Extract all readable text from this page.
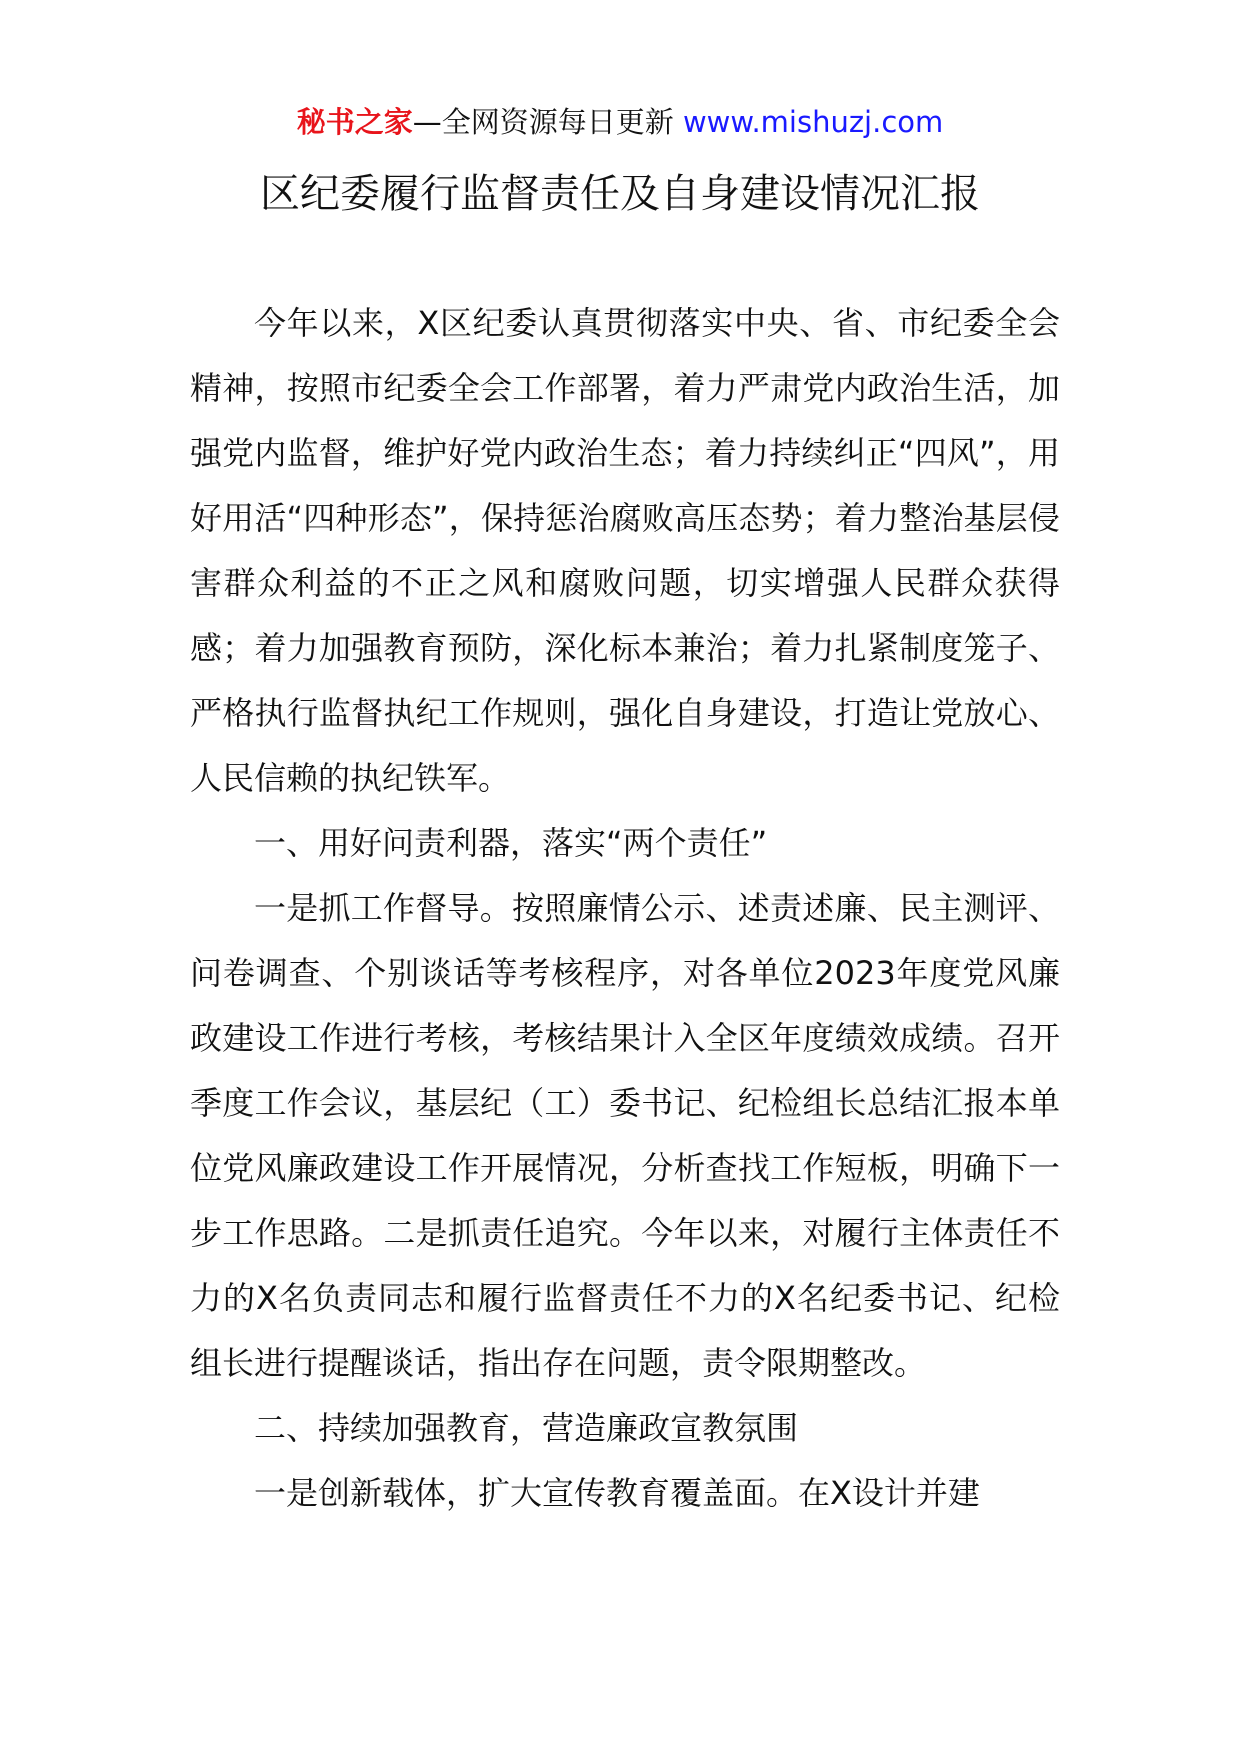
秘书之家—全网资源每日更新 www.mishuzj.com
区纪委履行监督责任及自身建设情况汇报

今年以来，X区纪委认真贯彻落实中央、省、市纪委全会精神，按照市纪委全会工作部署，着力严肃党内政治生活，加强党内监督，维护好党内政治生态；着力持续纠正“四风”，用好用活“四种形态”，保持惩治腐败高压态势；着力整治基层侵害群众利益的不正之风和腐败问题，切实增强人民群众获得感；着力加强教育预防，深化标本兼治；着力扎紧制度笼子、严格执行监督执纪工作规则，强化自身建设，打造让党放心、人民信赖的执纪铁军。

一、用好问责利器，落实“两个责任”

一是抓工作督导。按照廉情公示、述责述廉、民主测评、问卷调查、个别谈话等考核程序，对各单位2023年度党风廉政建设工作进行考核，考核结果计入全区年度绩效成绩。召开季度工作会议，基层纪（工）委书记、纪检组长总结汇报本单位党风廉政建设工作开展情况，分析查找工作短板，明确下一步工作思路。二是抓责任追究。今年以来，对履行主体责任不力的X名负责同志和履行监督责任不力的X名纪委书记、纪检组长进行提醒谈话，指出存在问题，责令限期整改。

二、持续加强教育，营造廉政宣教氛围

一是创新载体，扩大宣传教育覆盖面。在X设计并建
